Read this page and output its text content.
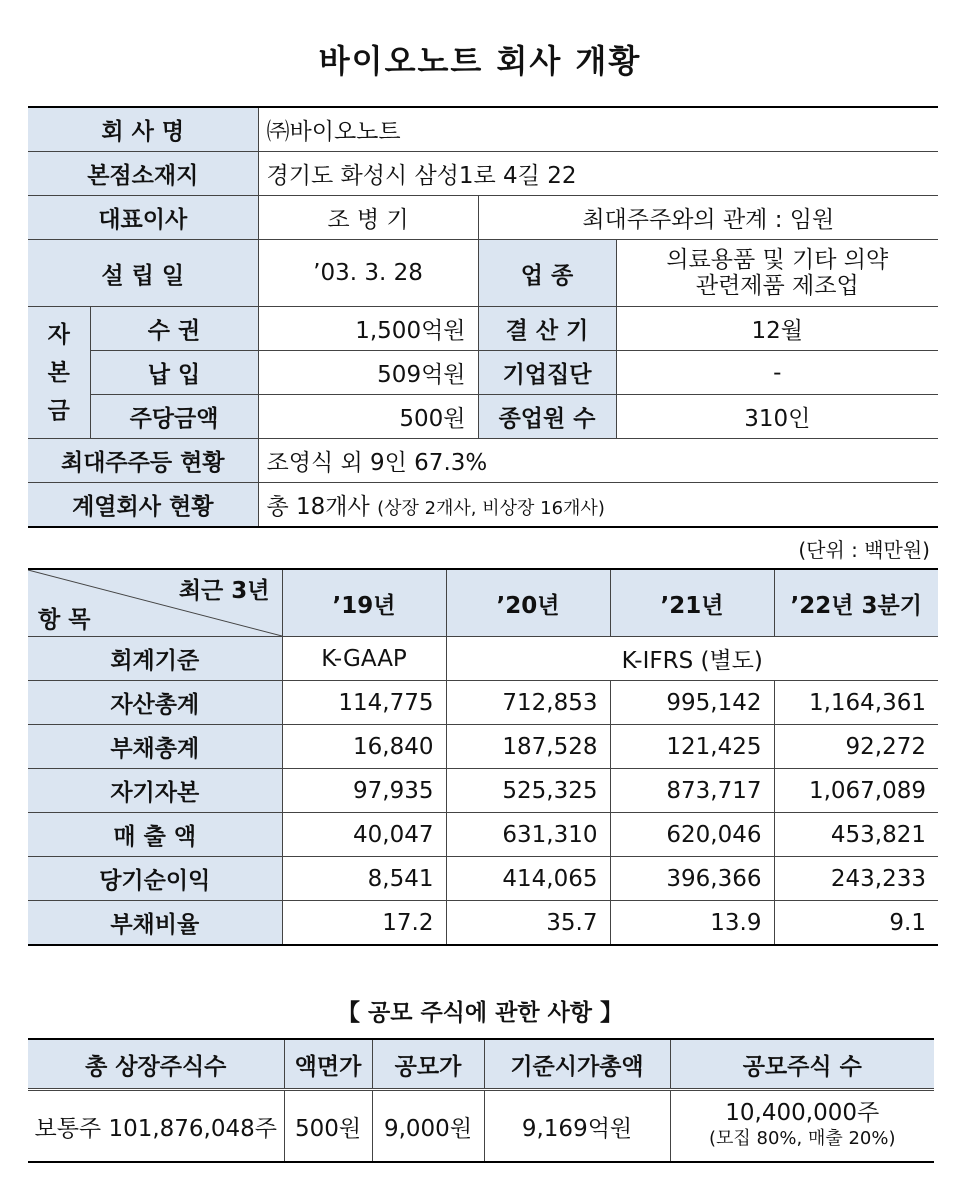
바이오노트 회사 개황
회 사 명		㈜바이오노트		
본점소재지		경기도 화성시 삼성1로 4길 22		
대표이사		조 병 기	최대주주와의 관계 : 임원	
설 립 일		’03. 3. 28	업 종	의료용품 및 기타 의약
관련제품 제조업

자
본
금	수 권	1,500억원	결 산 기	12월
	납 입	509억원	기업집단	-
	주당금액	500원	종업원 수	310인
최대주주등 현황		조영식 외 9인 67.3%		
계열회사 현황		총 18개사 (상장 2개사, 비상장 16개사)		
(단위 : 백만원)
최근 3년
항 목	’19년	’20년	’21년	’22년 3분기
회계기준	K-GAAP	K-IFRS (별도)		
자산총계	114,775	712,853	995,142	1,164,361
부채총계	16,840	187,528	121,425	92,272
자기자본	97,935	525,325	873,717	1,067,089
매 출 액	40,047	631,310	620,046	453,821
당기순이익	8,541	414,065	396,366	243,233
부채비율	17.2	35.7	13.9	9.1
【 공모 주식에 관한 사항 】
총 상장주식수	액면가	공모가	기준시가총액	공모주식 수
보통주 101,876,048주	500원	9,000원	9,169억원	10,400,000주
(모집 80%, 매출 20%)
